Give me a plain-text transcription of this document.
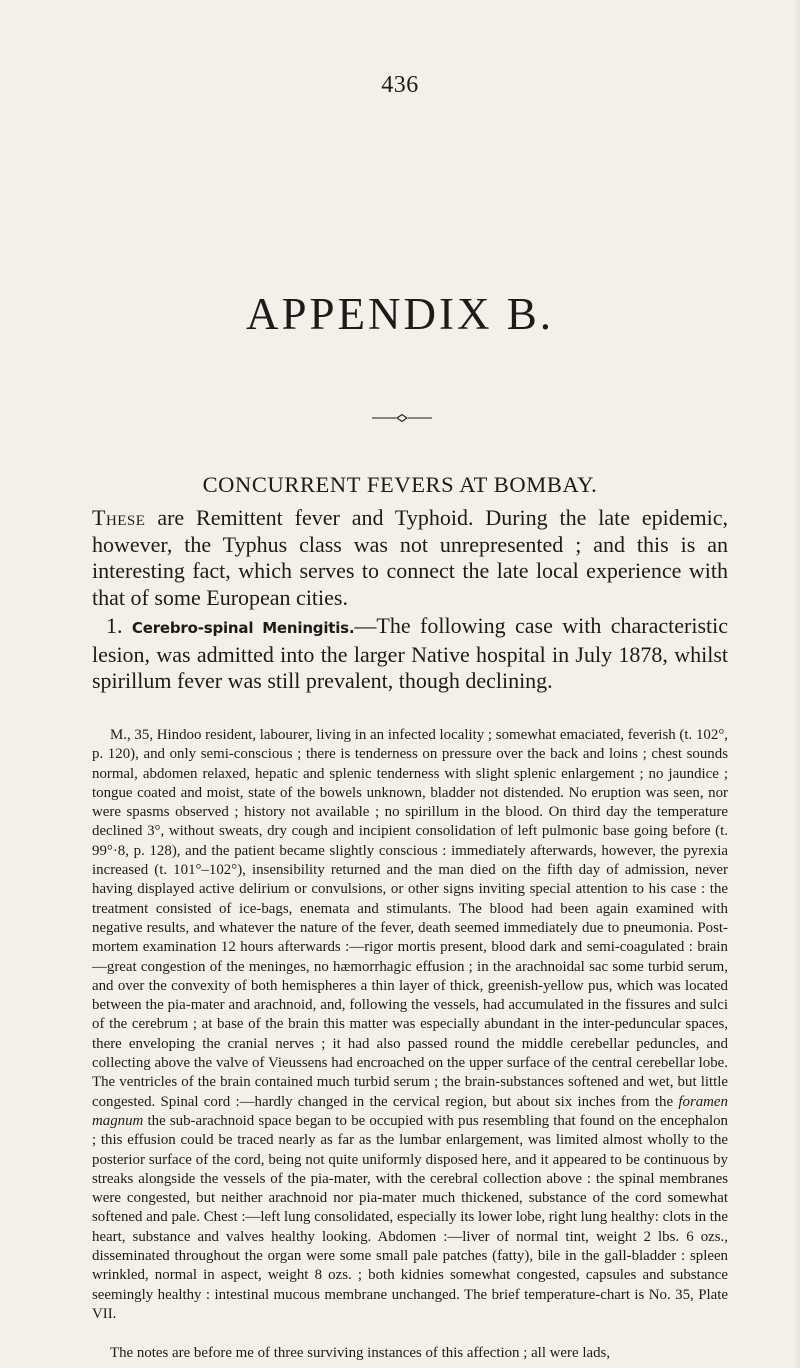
436
APPENDIX B.
CONCURRENT FEVERS AT BOMBAY.

These are Remittent fever and Typhoid. During the late epidemic, however, the Typhus class was not unrepresented ; and this is an interesting fact, which serves to connect the late local experience with that of some European cities.

1. Cerebro-spinal Meningitis.—The following case with characteristic lesion, was admitted into the larger Native hospital in July 1878, whilst spirillum fever was still prevalent, though declining.

M., 35, Hindoo resident, labourer, living in an infected locality ; somewhat emaciated, feverish (t. 102°, p. 120), and only semi-conscious ; there is tenderness on pressure over the back and loins ; chest sounds normal, abdomen relaxed, hepatic and splenic tenderness with slight splenic enlargement ; no jaundice ; tongue coated and moist, state of the bowels unknown, bladder not distended. No eruption was seen, nor were spasms observed ; history not available ; no spirillum in the blood. On third day the temperature declined 3°, without sweats, dry cough and incipient consolidation of left pulmonic base going before (t. 99°·8, p. 128), and the patient became slightly conscious : immediately afterwards, however, the pyrexia increased (t. 101°–102°), insensibility returned and the man died on the fifth day of admission, never having displayed active delirium or convulsions, or other signs inviting special attention to his case : the treatment consisted of ice-bags, enemata and stimulants. The blood had been again examined with negative results, and whatever the nature of the fever, death seemed immediately due to pneumonia. Post-mortem examination 12 hours afterwards :—rigor mortis present, blood dark and semi-coagulated : brain—great congestion of the meninges, no hæmorrhagic effusion ; in the arachnoidal sac some turbid serum, and over the convexity of both hemispheres a thin layer of thick, greenish-yellow pus, which was located between the pia-mater and arachnoid, and, following the vessels, had accumulated in the fissures and sulci of the cerebrum ; at base of the brain this matter was especially abundant in the inter-peduncular spaces, there enveloping the cranial nerves ; it had also passed round the middle cerebellar peduncles, and collecting above the valve of Vieussens had encroached on the upper surface of the central cerebellar lobe. The ventricles of the brain contained much turbid serum ; the brain-substances softened and wet, but little congested. Spinal cord :—hardly changed in the cervical region, but about six inches from the foramen magnum the sub-arachnoid space began to be occupied with pus resembling that found on the encephalon ; this effusion could be traced nearly as far as the lumbar enlargement, was limited almost wholly to the posterior surface of the cord, being not quite uniformly disposed here, and it appeared to be continuous by streaks alongside the vessels of the pia-mater, with the cerebral collection above : the spinal membranes were congested, but neither arachnoid nor pia-mater much thickened, substance of the cord somewhat softened and pale. Chest :—left lung consolidated, especially its lower lobe, right lung healthy: clots in the heart, substance and valves healthy looking. Abdomen :—liver of normal tint, weight 2 lbs. 6 ozs., disseminated throughout the organ were some small pale patches (fatty), bile in the gall-bladder : spleen wrinkled, normal in aspect, weight 8 ozs. ; both kidnies somewhat congested, capsules and substance seemingly healthy : intestinal mucous membrane unchanged. The brief temperature-chart is No. 35, Plate VII.

The notes are before me of three surviving instances of this affection ; all were lads,
